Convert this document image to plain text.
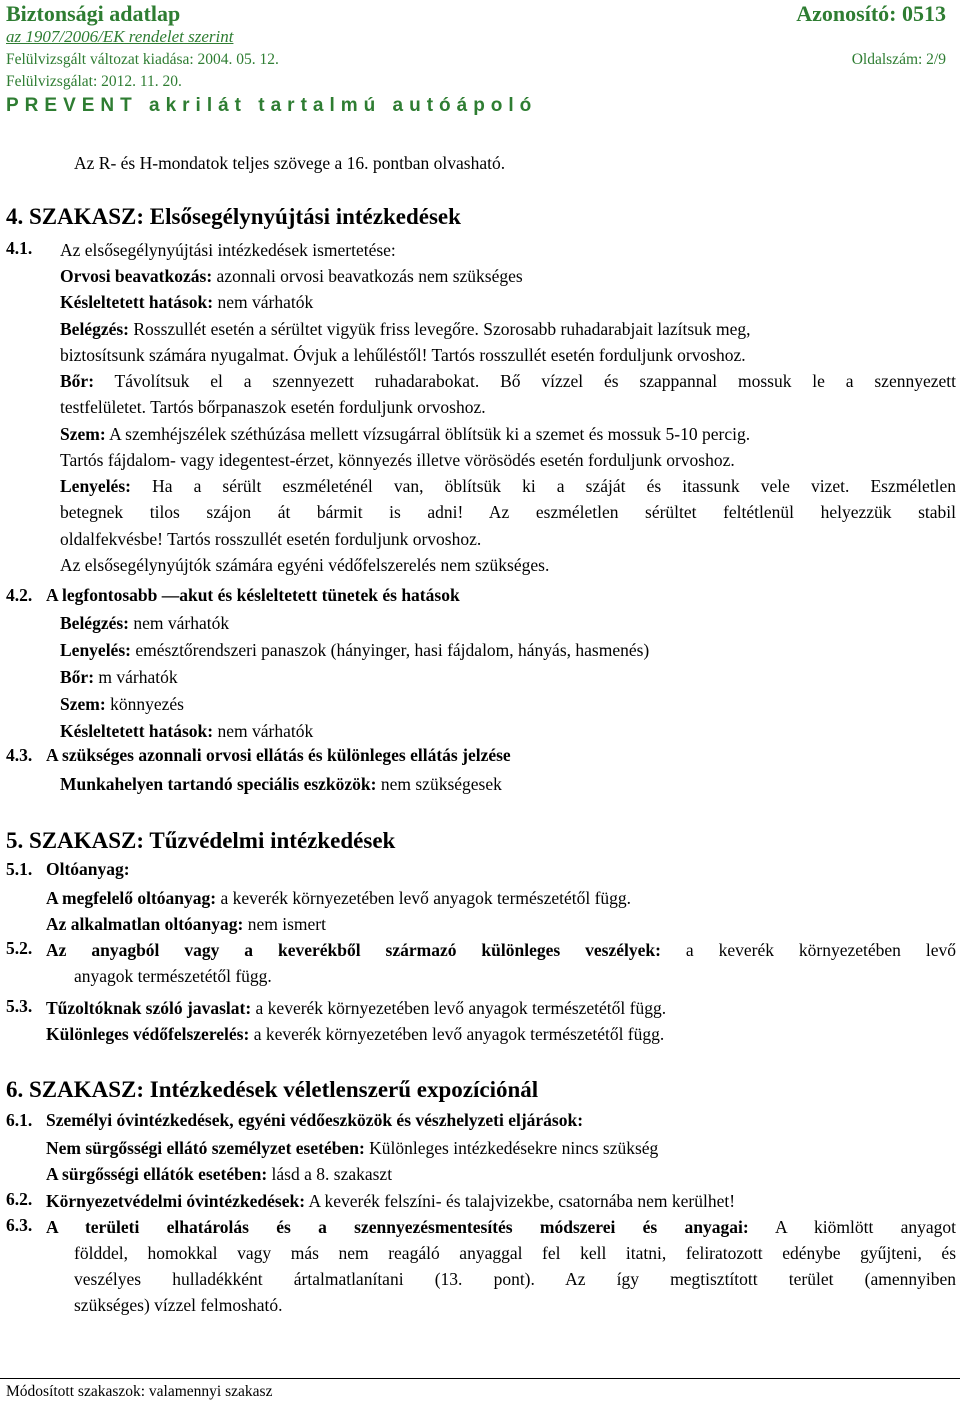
Biztonsági adatlap	Azonosító: 0513
az 1907/2006/EK rendelet szerint
Felülvizsgált változat kiadása: 2004. 05. 12.	Oldalszám: 2/9
Felülvizsgálat: 2012. 11. 20.
PREVENT akrilát tartalmú autóápoló
Az R- és H-mondatok teljes szövege a 16. pontban olvasható.
4. SZAKASZ: Elsősegélynyújtási intézkedések
4.1. Az elsősegélynyújtási intézkedések ismertetése:
Orvosi beavatkozás: azonnali orvosi beavatkozás nem szükséges
Késleltetett hatások: nem várhatók
Belégzés: Rosszullét esetén a sérültet vigyük friss levegőre. Szorosabb ruhadarabjait lazítsuk meg,
biztosítsunk számára nyugalmat. Óvjuk a lehűléstől! Tartós rosszullét esetén forduljunk orvoshoz.
Bőr: Távolítsuk el a szennyezett ruhadarabokat. Bő vízzel és szappannal mossuk le a szennyezett
testfelületet. Tartós bőrpanaszok esetén forduljunk orvoshoz.
Szem: A szemhéjszélek széthúzása mellett vízsugárral öblítsük ki a szemet és mossuk 5-10 percig.
Tartós fájdalom- vagy idegentest-érzet, könnyezés illetve vörösödés esetén forduljunk orvoshoz.
Lenyelés: Ha a sérült eszméleténél van, öblítsük ki a száját és itassunk vele vizet. Eszméletlen
betegnek tilos szájon át bármit is adni! Az eszméletlen sérültet feltétlenül helyezzük stabil
oldalfekvésbe! Tartós rosszullét esetén forduljunk orvoshoz.
Az elsősegélynyújtók számára egyéni védőfelszerelés nem szükséges.
4.2. A legfontosabb —akut és késleltetett tünetek és hatások
Belégzés: nem várhatók
Lenyelés: emésztőrendszeri panaszok (hányinger, hasi fájdalom, hányás, hasmenés)
Bőr: m várhatók
Szem: könnyezés
Késleltetett hatások: nem várhatók
4.3. A szükséges azonnali orvosi ellátás és különleges ellátás jelzése
Munkahelyen tartandó speciális eszközök: nem szükségesek
5. SZAKASZ: Tűzvédelmi intézkedések
5.1. Oltóanyag:
A megfelelő oltóanyag: a keverék környezetében levő anyagok természetétől függ.
Az alkalmatlan oltóanyag: nem ismert
5.2. Az anyagból vagy a keverékből származó különleges veszélyek: a keverék környezetében levő
anyagok természetétől függ.
5.3. Tűzoltóknak szóló javaslat: a keverék környezetében levő anyagok természetétől függ.
Különleges védőfelszerelés: a keverék környezetében levő anyagok természetétől függ.
6. SZAKASZ: Intézkedések véletlenszerű expozíciónál
6.1. Személyi óvintézkedések, egyéni védőeszközök és vészhelyzeti eljárások:
Nem sürgősségi ellátó személyzet esetében: Különleges intézkedésekre nincs szükség
A sürgősségi ellátók esetében: lásd a 8. szakaszt
6.2. Környezetvédelmi óvintézkedések: A keverék felszíni- és talajvizekbe, csatornába nem kerülhet!
6.3. A területi elhatárolás és a szennyezésmentesítés módszerei és anyagai: A kiömlött anyagot
földdel, homokkal vagy más nem reagáló anyaggal fel kell itatni, feliratozott edénybe gyűjteni, és
veszélyes hulladékként ártalmatlanítani (13. pont). Az így megtisztított terület (amennyiben
szükséges) vízzel felmosható.
Módosított szakaszok: valamennyi szakasz
